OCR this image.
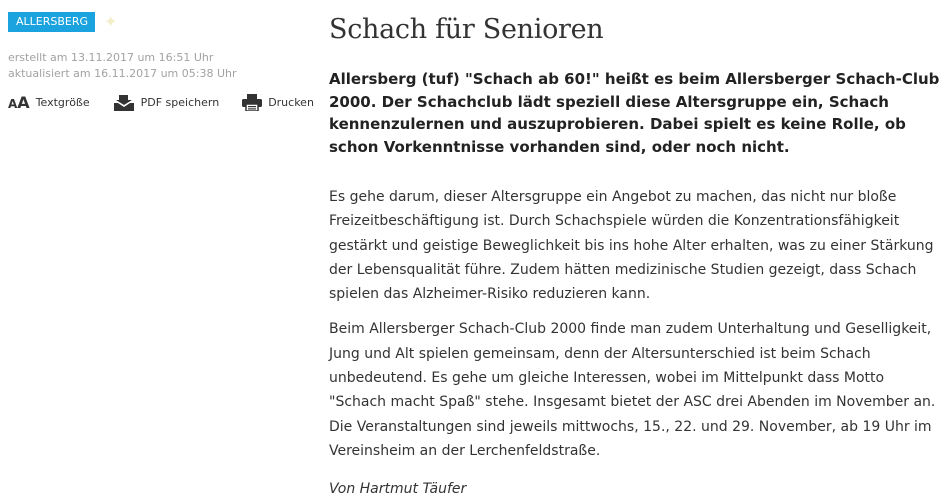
ALLERSBERG	✦
erstellt am 13.11.2017 um 16:51 Uhr
aktualisiert am 16.11.2017 um 05:38 Uhr
AA Textgröße	PDF speichern	Drucken
Schach für Senioren

Allersberg (tuf) "Schach ab 60!" heißt es beim Allersberger Schach-Club 2000. Der Schachclub lädt speziell diese Altersgruppe ein, Schach kennenzulernen und auszuprobieren. Dabei spielt es keine Rolle, ob schon Vorkenntnisse vorhanden sind, oder noch nicht.

Es gehe darum, dieser Altersgruppe ein Angebot zu machen, das nicht nur bloße Freizeitbeschäftigung ist. Durch Schachspiele würden die Konzentrationsfähigkeit gestärkt und geistige Beweglichkeit bis ins hohe Alter erhalten, was zu einer Stärkung der Lebensqualität führe. Zudem hätten medizinische Studien gezeigt, dass Schach spielen das Alzheimer-Risiko reduzieren kann.

Beim Allersberger Schach-Club 2000 finde man zudem Unterhaltung und Geselligkeit, Jung und Alt spielen gemeinsam, denn der Altersunterschied ist beim Schach unbedeutend. Es gehe um gleiche Interessen, wobei im Mittelpunkt dass Motto "Schach macht Spaß" stehe. Insgesamt bietet der ASC drei Abenden im November an. Die Veranstaltungen sind jeweils mittwochs, 15., 22. und 29. November, ab 19 Uhr im Vereinsheim an der Lerchenfeldstraße.

Von Hartmut Täufer
